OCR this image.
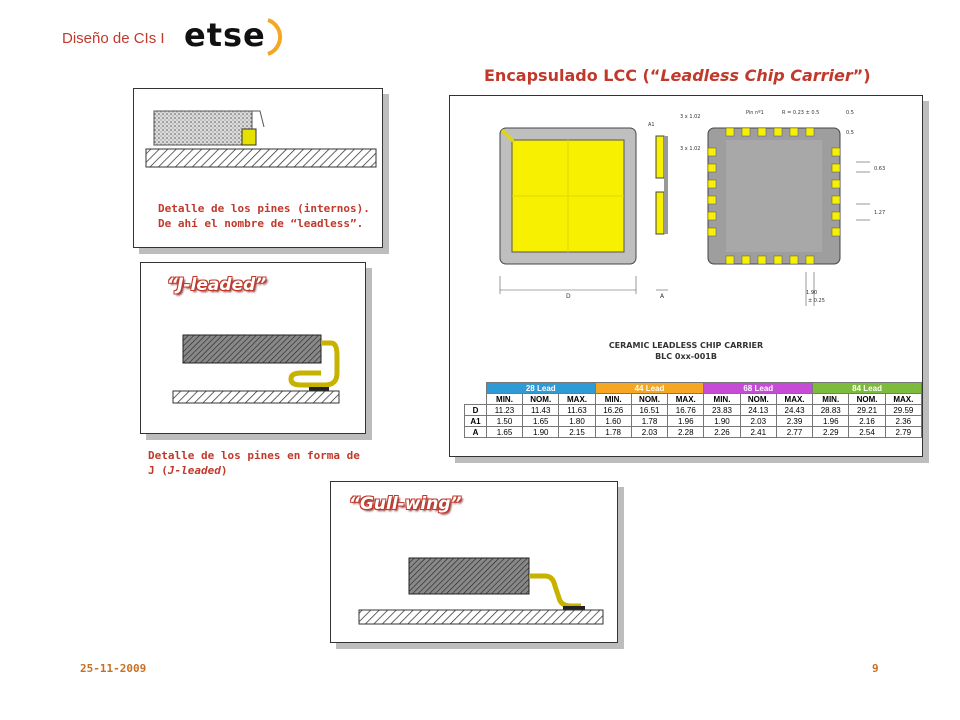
Diseño de CIs I etse
Encapsulado LCC (“Leadless Chip Carrier”)
Detalle de los pines (internos).
De ahí el nombre de “leadless”.
“J-leaded”
Detalle de los pines en forma de
J (J-leaded)
“Gull-wing”
Pin nº1	R = 0.23 ± 0.5	0.5
0.5
3 x 1.02
3 x 1.02
A1
0.63
1.27
D	A	1.90
± 0.25
CERAMIC LEADLESS CHIP CARRIER
BLC 0xx-001B
	28 Lead			44 Lead			68 Lead			84 Lead		
	MIN.	NOM.	MAX.	MIN.	NOM.	MAX.	MIN.	NOM.	MAX.	MIN.	NOM.	MAX.
D	11.23	11.43	11.63	16.26	16.51	16.76	23.83	24.13	24.43	28.83	29.21	29.59
A1	1.50	1.65	1.80	1.60	1.78	1.96	1.90	2.03	2.39	1.96	2.16	2.36
A	1.65	1.90	2.15	1.78	2.03	2.28	2.26	2.41	2.77	2.29	2.54	2.79
25-11-2009	9
